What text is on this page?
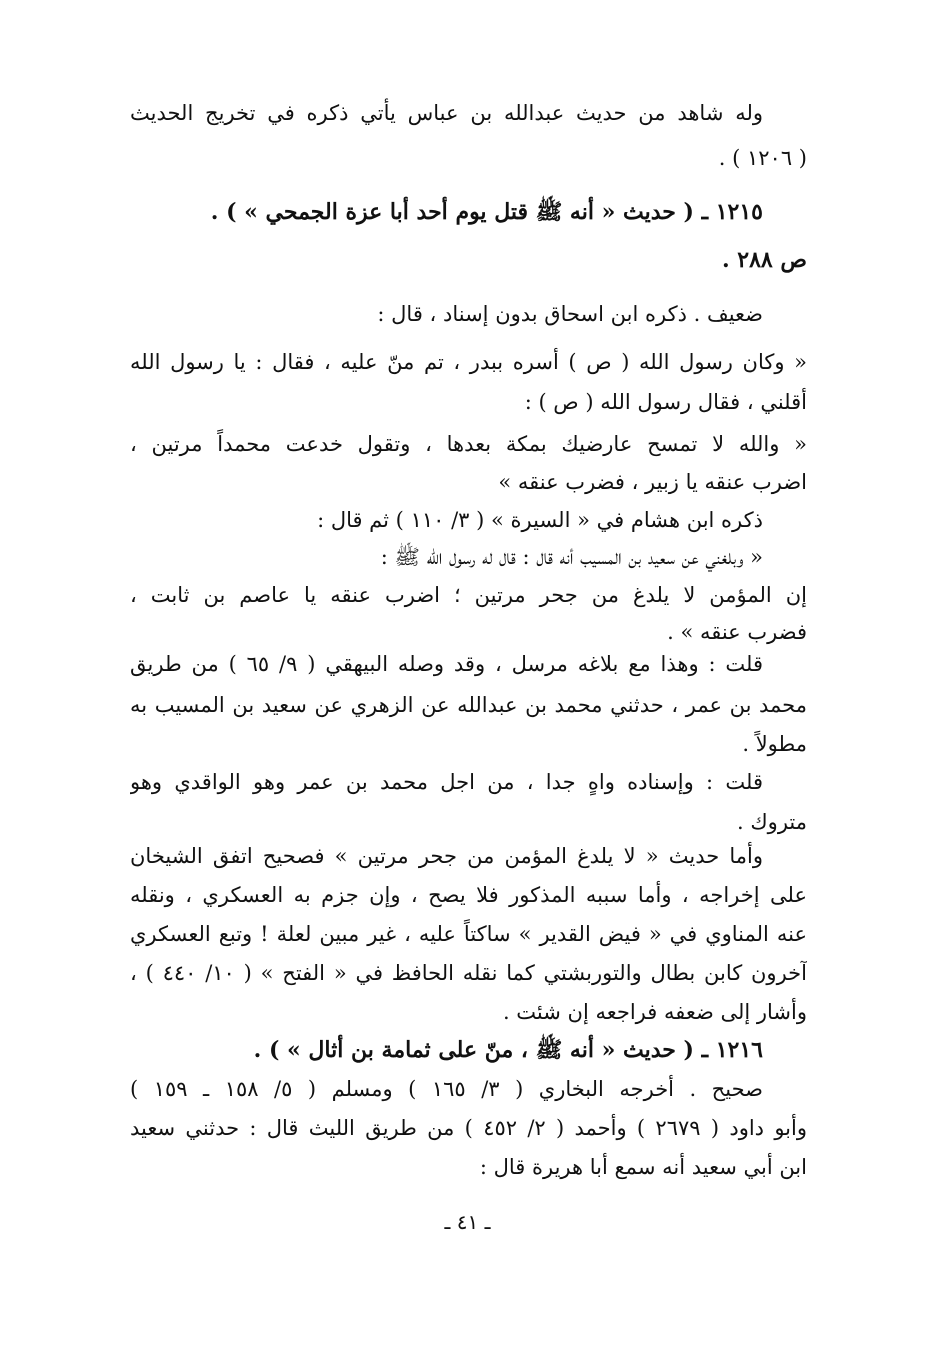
وله شاهد من حديث عبدالله بن عباس يأتي ذكره في تخريج الحديث
( ١٢٠٦ ) .
١٢١٥ ـ ( حديث « أنه ﷺ قتل يوم أحد أبا عزة الجمحي » ) .
ص ٢٨٨ .
ضعيف . ذكره ابن اسحاق بدون إسناد ، قال :
« وكان رسول الله ( ص ) أسره ببدر ، تم منّ عليه ، فقال : يا رسول الله
أقلني ، فقال رسول الله ( ص ) :
« والله لا تمسح عارضيك بمكة بعدها ، وتقول خدعت محمداً مرتين ،
اضرب عنقه يا زبير ، فضرب عنقه »
ذكره ابن هشام في « السيرة » ( ٣/ ١١٠ ) ثم قال :
« وبلغني عن سعيد بن المسيب أنه قال : قال له رسول الله ﷺ :
إن المؤمن لا يلدغ من جحر مرتين ؛ اضرب عنقه يا عاصم بن ثابت ،
فضرب عنقه » .
قلت : وهذا مع بلاغه مرسل ، وقد وصله البيهقي ( ٩/ ٦٥ ) من طريق
محمد بن عمر ، حدثني محمد بن عبدالله عن الزهري عن سعيد بن المسيب به
مطولاً .
قلت : وإسناده واهٍ جدا ، من اجل محمد بن عمر وهو الواقدي وهو
متروك .
وأما حديث « لا يلدغ المؤمن من جحر مرتين » فصحيح اتفق الشيخان
على إخراجه ، وأما سببه المذكور فلا يصح ، وإن جزم به العسكري ، ونقله
عنه المناوي في « فيض القدير » ساكتاً عليه ، غير مبين لعلة ! وتبع العسكري
آخرون كابن بطال والتوربشتي كما نقله الحافظ في « الفتح » ( ١٠/ ٤٤٠ ) ،
وأشار إلى ضعفه فراجعه إن شئت .
١٢١٦ ـ ( حديث « أنه ﷺ ، منّ على ثمامة بن أثال » ) .
صحيح . أخرجه البخاري ( ٣/ ١٦٥ ) ومسلم ( ٥/ ١٥٨ ـ ١٥٩ )
وأبو داود ( ٢٦٧٩ ) وأحمد ( ٢/ ٤٥٢ ) من طريق الليث قال : حدثني سعيد
ابن أبي سعيد أنه سمع أبا هريرة قال :
ـ ٤١ ـ
